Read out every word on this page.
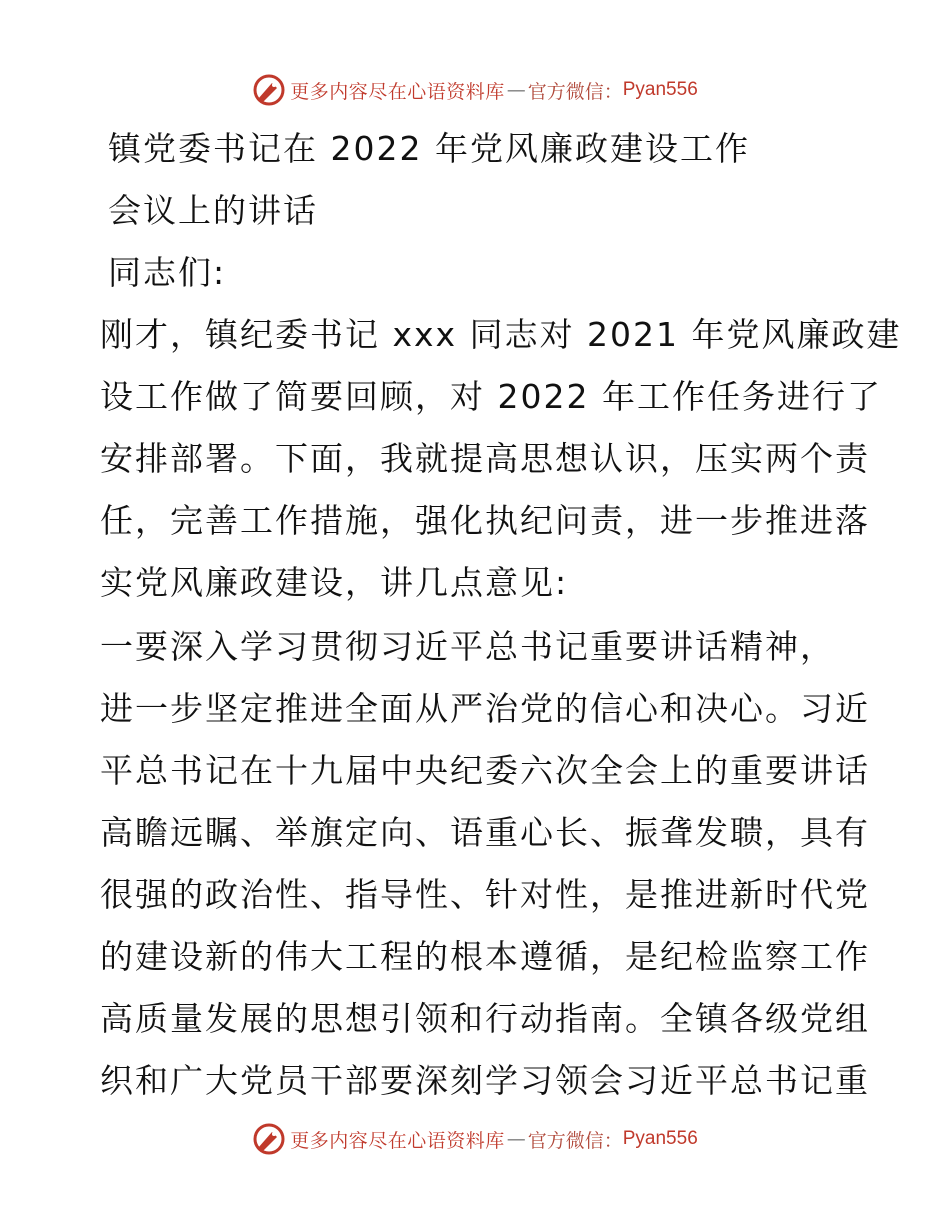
更多内容尽在心语资料库 — 官方微信： Pyan556
镇党委书记在 2022 年党风廉政建设工作
会议上的讲话
同志们:
刚才，镇纪委书记 xxx 同志对 2021 年党风廉政建
设工作做了简要回顾，对 2022 年工作任务进行了
安排部署。下面，我就提高思想认识，压实两个责
任，完善工作措施，强化执纪问责，进一步推进落
实党风廉政建设，讲几点意见:
一要深入学习贯彻习近平总书记重要讲话精神，
进一步坚定推进全面从严治党的信心和决心。习近
平总书记在十九届中央纪委六次全会上的重要讲话
高瞻远瞩、举旗定向、语重心长、振聋发聩，具有
很强的政治性、指导性、针对性，是推进新时代党
的建设新的伟大工程的根本遵循，是纪检监察工作
高质量发展的思想引领和行动指南。全镇各级党组
织和广大党员干部要深刻学习领会习近平总书记重
更多内容尽在心语资料库 — 官方微信： Pyan556
